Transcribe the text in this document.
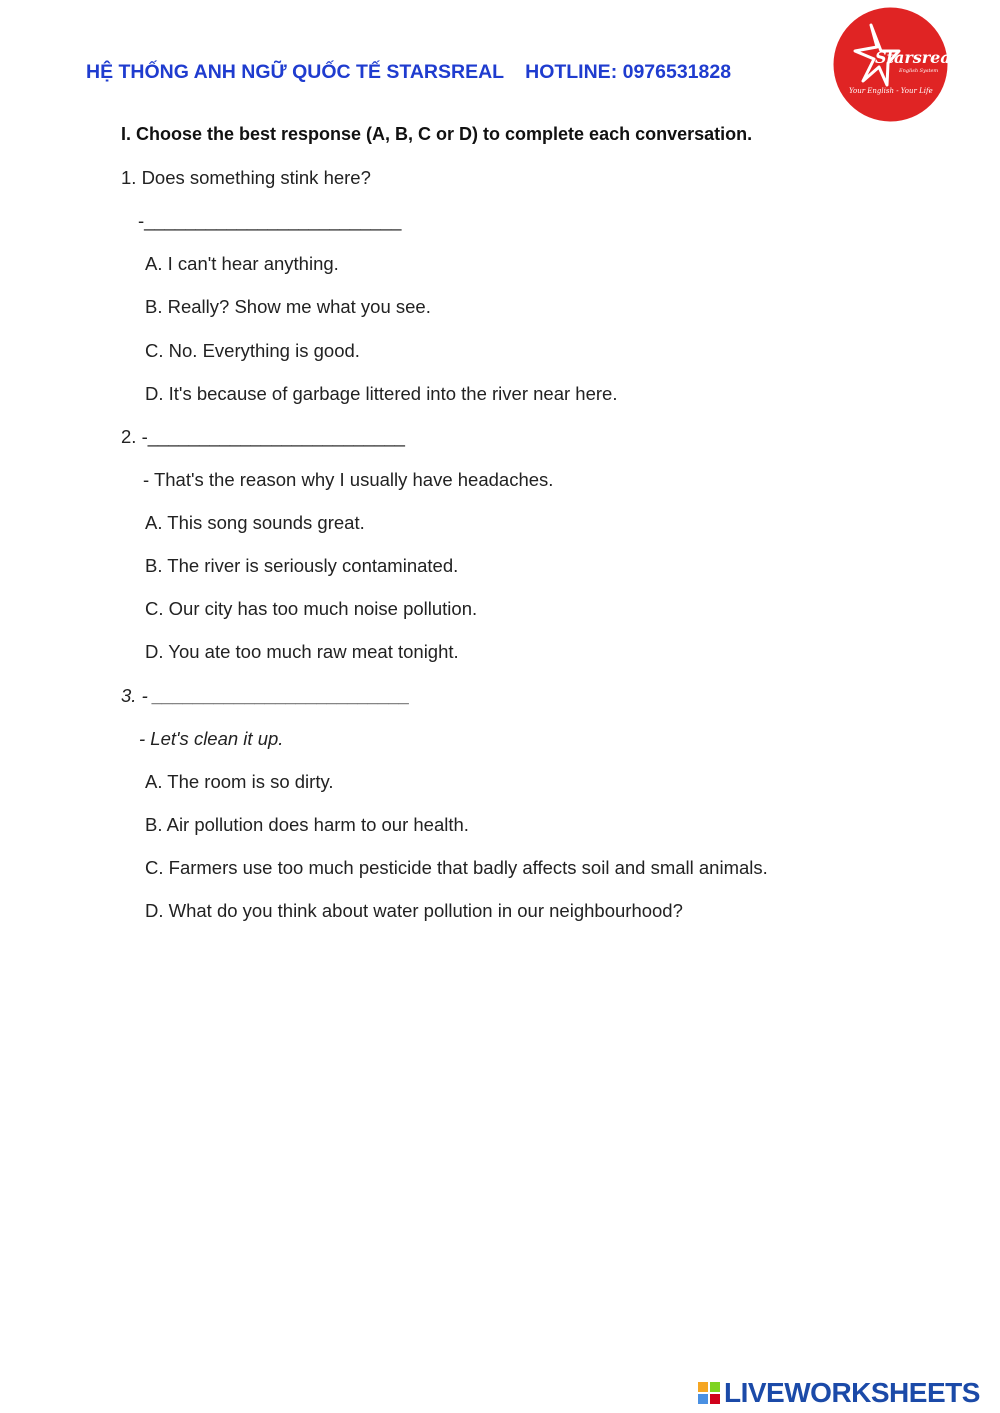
HỆ THỐNG ANH NGỮ QUỐC TẾ STARSREAL HOTLINE: 0976531828
Starsreal
English System
Your English - Your Life
I. Choose the best response (A, B, C or D) to complete each conversation.
1. Does something stink here?
-_________________________
A. I can't hear anything.
B. Really? Show me what you see.
C. No. Everything is good.
D. It's because of garbage littered into the river near here.
2. -_________________________
- That's the reason why I usually have headaches.
A. This song sounds great.
B. The river is seriously contaminated.
C. Our city has too much noise pollution.
D. You ate too much raw meat tonight.
3. - _________________________
- Let's clean it up.
A. The room is so dirty.
B. Air pollution does harm to our health.
C. Farmers use too much pesticide that badly affects soil and small animals.
D. What do you think about water pollution in our neighbourhood?
LIVEWORKSHEETS
